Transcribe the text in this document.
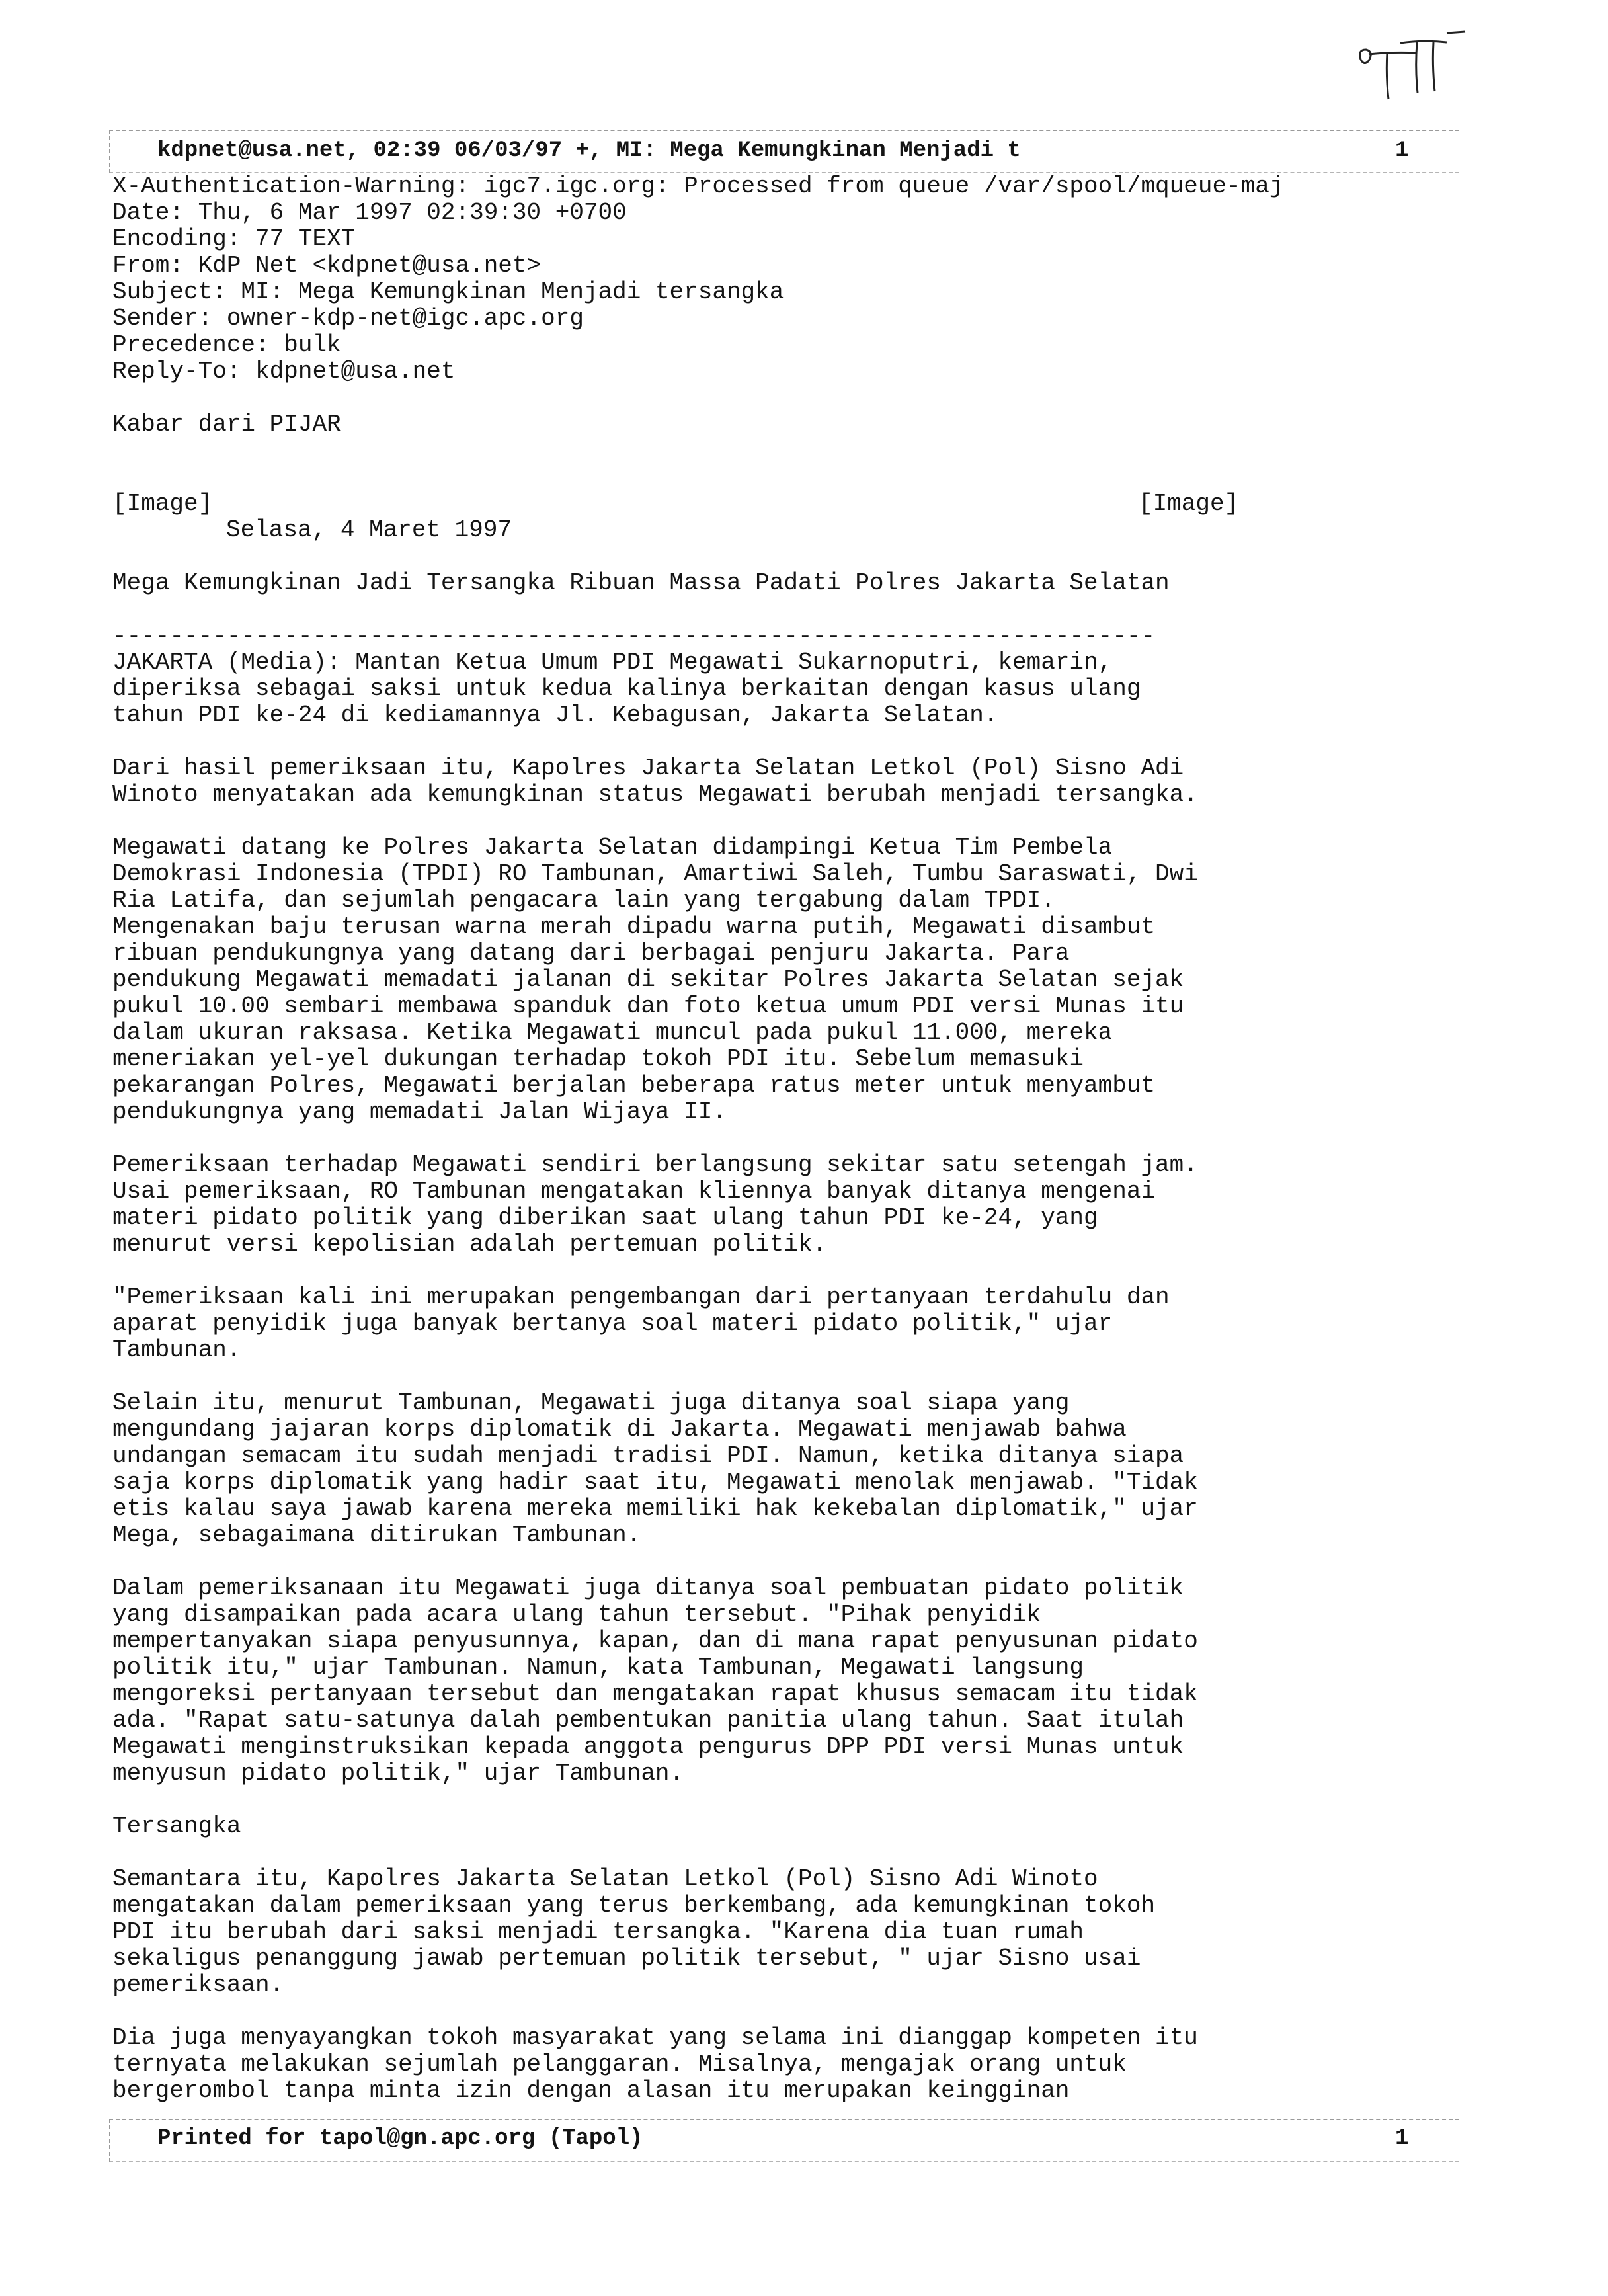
kdpnet@usa.net, 02:39 06/03/97 +, MI: Mega Kemungkinan Menjadi t	1
X-Authentication-Warning: igc7.igc.org: Processed from queue /var/spool/mqueue-maj
Date: Thu, 6 Mar 1997 02:39:30 +0700
Encoding: 77 TEXT
From: KdP Net <kdpnet@usa.net>
Subject: MI: Mega Kemungkinan Menjadi tersangka
Sender: owner-kdp-net@igc.apc.org
Precedence: bulk
Reply-To: kdpnet@usa.net
Kabar dari PIJAR
[Image]	[Image]
Selasa, 4 Maret 1997
Mega Kemungkinan Jadi Tersangka Ribuan Massa Padati Polres Jakarta Selatan
-------------------------------------------------------------------------

JAKARTA (Media): Mantan Ketua Umum PDI Megawati Sukarnoputri, kemarin,
diperiksa sebagai saksi untuk kedua kalinya berkaitan dengan kasus ulang
tahun PDI ke-24 di kediamannya Jl. Kebagusan, Jakarta Selatan.

Dari hasil pemeriksaan itu, Kapolres Jakarta Selatan Letkol (Pol) Sisno Adi
Winoto menyatakan ada kemungkinan status Megawati berubah menjadi tersangka.

Megawati datang ke Polres Jakarta Selatan didampingi Ketua Tim Pembela
Demokrasi Indonesia (TPDI) RO Tambunan, Amartiwi Saleh, Tumbu Saraswati, Dwi
Ria Latifa, dan sejumlah pengacara lain yang tergabung dalam TPDI.
Mengenakan baju terusan warna merah dipadu warna putih, Megawati disambut
ribuan pendukungnya yang datang dari berbagai penjuru Jakarta. Para
pendukung Megawati memadati jalanan di sekitar Polres Jakarta Selatan sejak
pukul 10.00 sembari membawa spanduk dan foto ketua umum PDI versi Munas itu
dalam ukuran raksasa. Ketika Megawati muncul pada pukul 11.000, mereka
meneriakan yel-yel dukungan terhadap tokoh PDI itu. Sebelum memasuki
pekarangan Polres, Megawati berjalan beberapa ratus meter untuk menyambut
pendukungnya yang memadati Jalan Wijaya II.

Pemeriksaan terhadap Megawati sendiri berlangsung sekitar satu setengah jam.
Usai pemeriksaan, RO Tambunan mengatakan kliennya banyak ditanya mengenai
materi pidato politik yang diberikan saat ulang tahun PDI ke-24, yang
menurut versi kepolisian adalah pertemuan politik.

"Pemeriksaan kali ini merupakan pengembangan dari pertanyaan terdahulu dan
aparat penyidik juga banyak bertanya soal materi pidato politik," ujar
Tambunan.

Selain itu, menurut Tambunan, Megawati juga ditanya soal siapa yang
mengundang jajaran korps diplomatik di Jakarta. Megawati menjawab bahwa
undangan semacam itu sudah menjadi tradisi PDI. Namun, ketika ditanya siapa
saja korps diplomatik yang hadir saat itu, Megawati menolak menjawab. "Tidak
etis kalau saya jawab karena mereka memiliki hak kekebalan diplomatik," ujar
Mega, sebagaimana ditirukan Tambunan.

Dalam pemeriksanaan itu Megawati juga ditanya soal pembuatan pidato politik
yang disampaikan pada acara ulang tahun tersebut. "Pihak penyidik
mempertanyakan siapa penyusunnya, kapan, dan di mana rapat penyusunan pidato
politik itu," ujar Tambunan. Namun, kata Tambunan, Megawati langsung
mengoreksi pertanyaan tersebut dan mengatakan rapat khusus semacam itu tidak
ada. "Rapat satu-satunya dalah pembentukan panitia ulang tahun. Saat itulah
Megawati menginstruksikan kepada anggota pengurus DPP PDI versi Munas untuk
menyusun pidato politik," ujar Tambunan.

Tersangka

Semantara itu, Kapolres Jakarta Selatan Letkol (Pol) Sisno Adi Winoto
mengatakan dalam pemeriksaan yang terus berkembang, ada kemungkinan tokoh
PDI itu berubah dari saksi menjadi tersangka. "Karena dia tuan rumah
sekaligus penanggung jawab pertemuan politik tersebut, " ujar Sisno usai
pemeriksaan.

Dia juga menyayangkan tokoh masyarakat yang selama ini dianggap kompeten itu
ternyata melakukan sejumlah pelanggaran. Misalnya, mengajak orang untuk
bergerombol tanpa minta izin dengan alasan itu merupakan keingginan

Printed for tapol@gn.apc.org (Tapol)	1
